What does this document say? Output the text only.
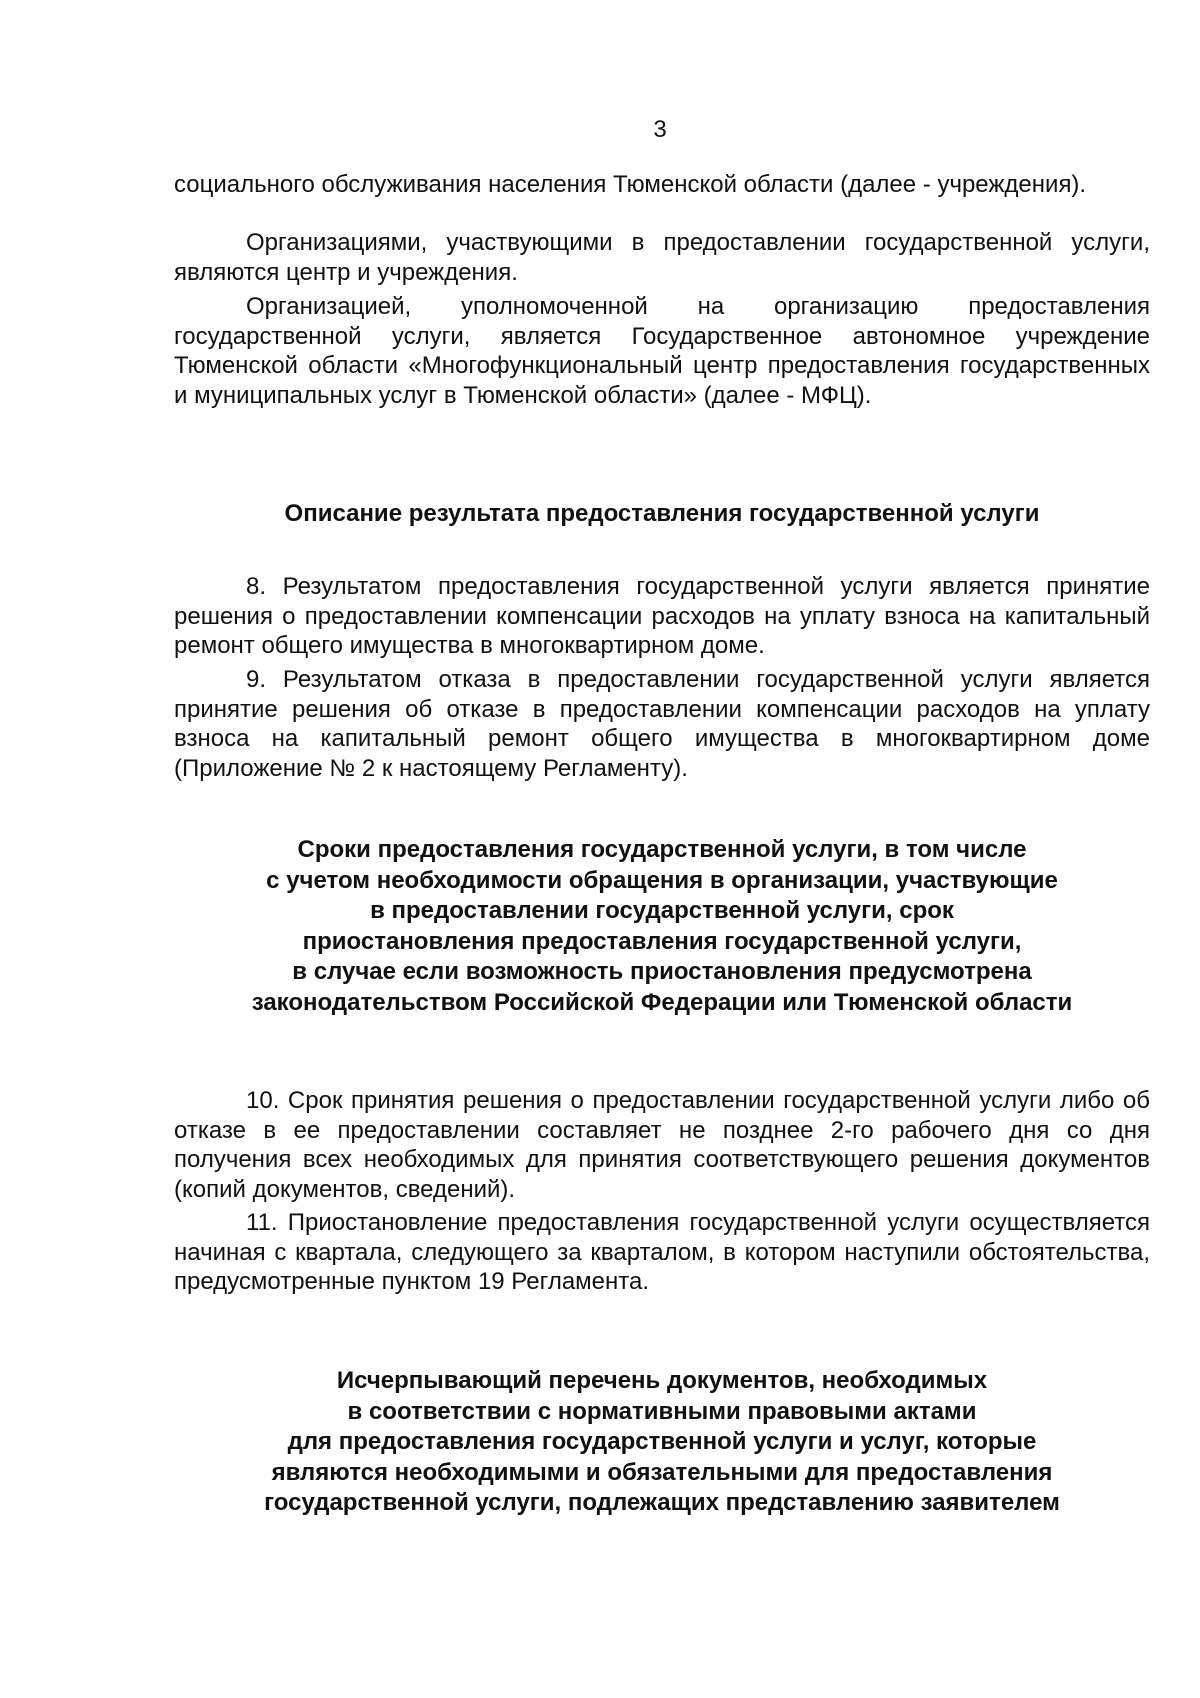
3

социального обслуживания населения Тюменской области (далее - учреждения).

Организациями, участвующими в предоставлении государственной услуги, являются центр и учреждения.

Организацией, уполномоченной на организацию предоставления государственной услуги, является Государственное автономное учреждение Тюменской области «Многофункциональный центр предоставления государственных и муниципальных услуг в Тюменской области» (далее - МФЦ).

Описание результата предоставления государственной услуги

8. Результатом предоставления государственной услуги является принятие решения о предоставлении компенсации расходов на уплату взноса на капитальный ремонт общего имущества в многоквартирном доме.

9. Результатом отказа в предоставлении государственной услуги является принятие решения об отказе в предоставлении компенсации расходов на уплату взноса на капитальный ремонт общего имущества в многоквартирном доме (Приложение № 2 к настоящему Регламенту).

Сроки предоставления государственной услуги, в том числе
с учетом необходимости обращения в организации, участвующие
в предоставлении государственной услуги, срок
приостановления предоставления государственной услуги,
в случае если возможность приостановления предусмотрена
законодательством Российской Федерации или Тюменской области

10. Срок принятия решения о предоставлении государственной услуги либо об отказе в ее предоставлении составляет не позднее 2-го рабочего дня со дня получения всех необходимых для принятия соответствующего решения документов (копий документов, сведений).

11. Приостановление предоставления государственной услуги осуществляется начиная с квартала, следующего за кварталом, в котором наступили обстоятельства, предусмотренные пунктом 19 Регламента.

Исчерпывающий перечень документов, необходимых
в соответствии с нормативными правовыми актами
для предоставления государственной услуги и услуг, которые
являются необходимыми и обязательными для предоставления
государственной услуги, подлежащих представлению заявителем
